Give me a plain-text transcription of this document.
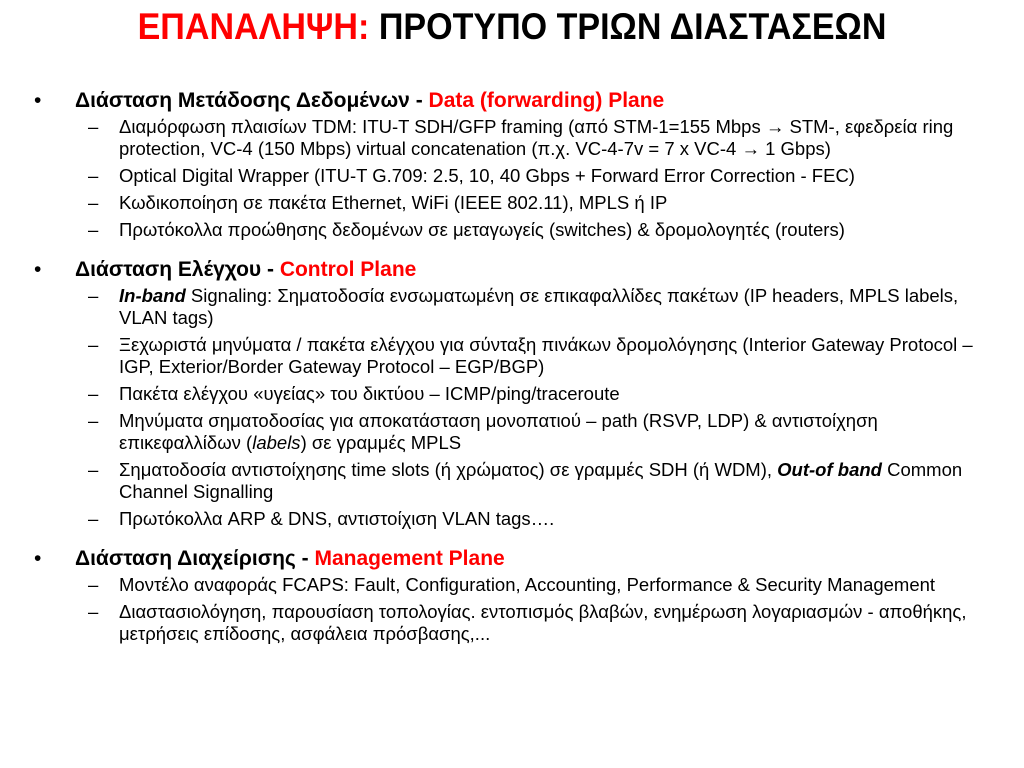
ΕΠΑΝΑΛΗΨΗ: ΠΡΟΤΥΠΟ ΤΡΙΩΝ ΔΙΑΣΤΑΣΕΩΝ
• Διάσταση Μετάδοσης Δεδομένων - Data (forwarding) Plane
– Διαμόρφωση πλαισίων TDM: ITU-T SDH/GFP framing (από STM-1=155 Mbps → STM-, εφεδρεία ring protection, VC-4 (150 Mbps) virtual concatenation (π.χ. VC-4-7v = 7 x VC-4 → 1 Gbps)
– Optical Digital Wrapper (ITU-T G.709: 2.5, 10, 40 Gbps + Forward Error Correction - FEC)
– Κωδικοποίηση σε πακέτα Ethernet, WiFi (IEEE 802.11), MPLS ή IP
– Πρωτόκολλα προώθησης δεδομένων σε μεταγωγείς (switches) & δρομολογητές (routers)
• Διάσταση Ελέγχου - Control Plane
– In-band Signaling: Σηματοδοσία ενσωματωμένη σε επικαφαλλίδες πακέτων (IP headers, MPLS labels, VLAN tags)
– Ξεχωριστά μηνύματα / πακέτα ελέγχου για σύνταξη πινάκων δρομολόγησης (Interior Gateway Protocol – IGP, Exterior/Border Gateway Protocol – EGP/BGP)
– Πακέτα ελέγχου «υγείας» του δικτύου – ICMP/ping/traceroute
– Μηνύματα σηματοδοσίας για αποκατάσταση μονοπατιού – path (RSVP, LDP) & αντιστοίχηση επικεφαλλίδων (labels) σε γραμμές MPLS
– Σηματοδοσία αντιστοίχησης time slots (ή χρώματος) σε γραμμές SDH (ή WDM), Out-of band Common Channel Signalling
– Πρωτόκολλα ARP & DNS, αντιστοίχιση VLAN tags….
• Διάσταση Διαχείρισης - Management Plane
– Μοντέλο αναφοράς FCAPS: Fault, Configuration, Accounting, Performance & Security Management
– Διαστασιολόγηση, παρουσίαση τοπολογίας. εντοπισμός βλαβών, ενημέρωση λογαριασμών - αποθήκης, μετρήσεις επίδοσης, ασφάλεια πρόσβασης,...
